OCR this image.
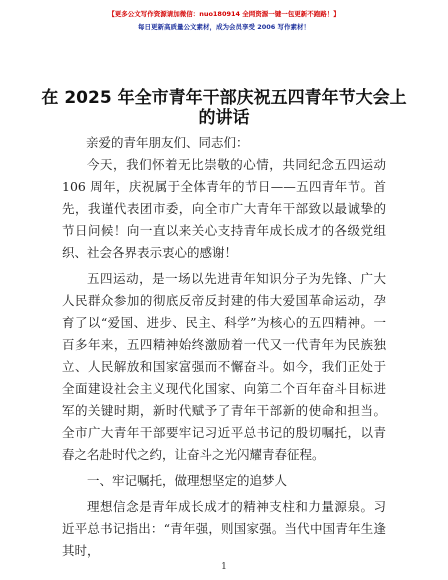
【更多公文写作资源请加微信：nuo180914 全网资源一键一包更新不跑路！】
每日更新高质量公文素材，成为会员享受 2006 写作素材！
在 2025 年全市青年干部庆祝五四青年节大会上的讲话
亲爱的青年朋友们、同志们：

今天，我们怀着无比崇敬的心情，共同纪念五四运动 106 周年，庆祝属于全体青年的节日——五四青年节。首先，我谨代表团市委，向全市广大青年干部致以最诚挚的节日问候！向一直以来关心支持青年成长成才的各级党组织、社会各界表示衷心的感谢！

五四运动，是一场以先进青年知识分子为先锋、广大人民群众参加的彻底反帝反封建的伟大爱国革命运动，孕育了以“爱国、进步、民主、科学”为核心的五四精神。一百多年来，五四精神始终激励着一代又一代青年为民族独立、人民解放和国家富强而不懈奋斗。如今，我们正处于全面建设社会主义现代化国家、向第二个百年奋斗目标进军的关键时期，新时代赋予了青年干部新的使命和担当。全市广大青年干部要牢记习近平总书记的殷切嘱托，以青春之名赴时代之约，让奋斗之光闪耀青春征程。

一、牢记嘱托，做理想坚定的追梦人

理想信念是青年成长成才的精神支柱和力量源泉。习近平总书记指出：“青年强，则国家强。当代中国青年生逢其时，

1
